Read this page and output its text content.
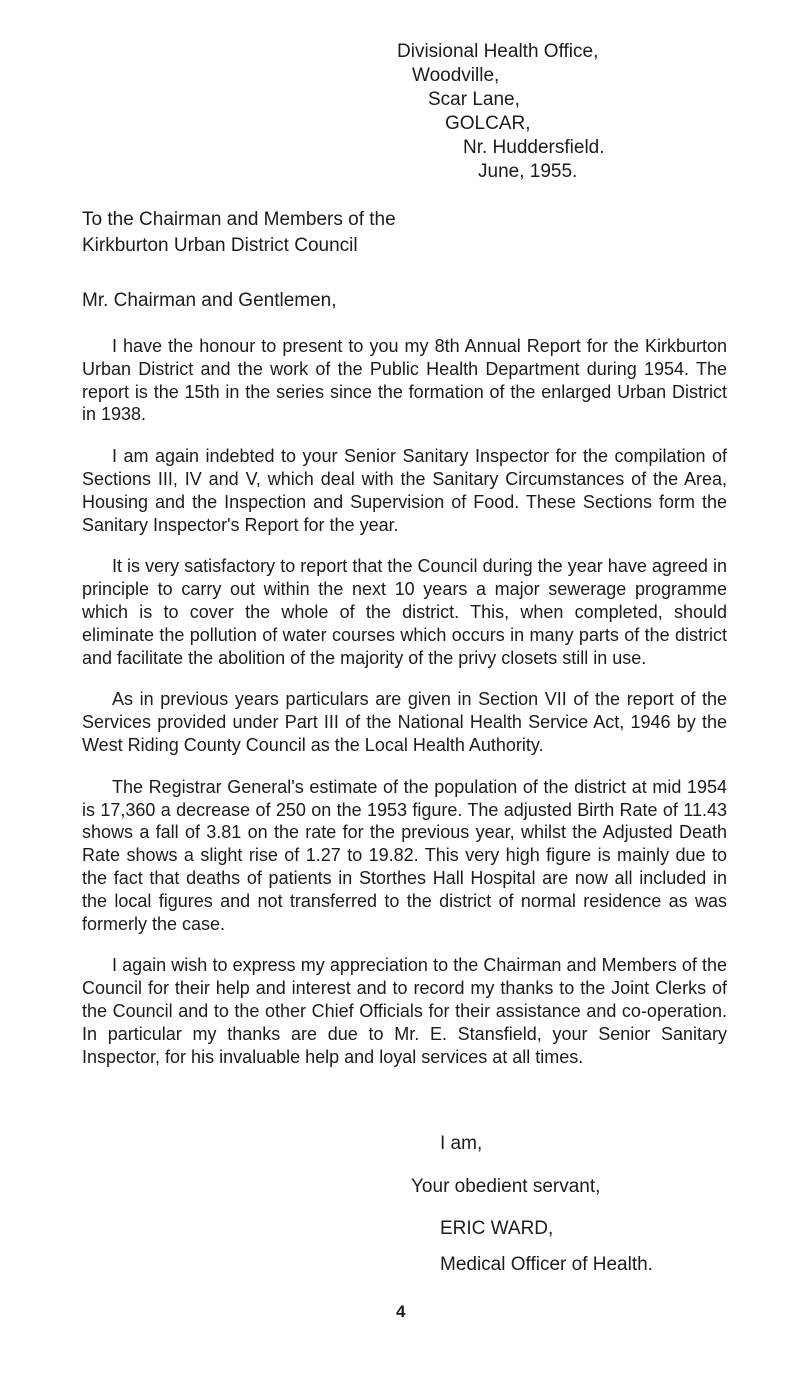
Divisional Health Office,
Woodville,
Scar Lane,
GOLCAR,
Nr. Huddersfield.
June, 1955.
To the Chairman and Members of the
Kirkburton Urban District Council
Mr. Chairman and Gentlemen,

I have the honour to present to you my 8th Annual Report for the Kirkburton Urban District and the work of the Public Health Department during 1954. The report is the 15th in the series since the formation of the enlarged Urban District in 1938.

I am again indebted to your Senior Sanitary Inspector for the compilation of Sections III, IV and V, which deal with the Sanitary Circumstances of the Area, Housing and the Inspection and Supervision of Food. These Sections form the Sanitary Inspector's Report for the year.

It is very satisfactory to report that the Council during the year have agreed in principle to carry out within the next 10 years a major sewerage programme which is to cover the whole of the district. This, when completed, should eliminate the pollution of water courses which occurs in many parts of the district and facilitate the abolition of the majority of the privy closets still in use.

As in previous years particulars are given in Section VII of the report of the Services provided under Part III of the National Health Service Act, 1946 by the West Riding County Council as the Local Health Authority.

The Registrar General's estimate of the population of the district at mid 1954 is 17,360 a decrease of 250 on the 1953 figure. The adjusted Birth Rate of 11.43 shows a fall of 3.81 on the rate for the previous year, whilst the Adjusted Death Rate shows a slight rise of 1.27 to 19.82. This very high figure is mainly due to the fact that deaths of patients in Storthes Hall Hospital are now all included in the local figures and not transferred to the district of normal residence as was formerly the case.

I again wish to express my appreciation to the Chairman and Members of the Council for their help and interest and to record my thanks to the Joint Clerks of the Council and to the other Chief Officials for their assistance and co-operation. In particular my thanks are due to Mr. E. Stansfield, your Senior Sanitary Inspector, for his invaluable help and loyal services at all times.

I am,
Your obedient servant,
ERIC WARD,
Medical Officer of Health.
4
